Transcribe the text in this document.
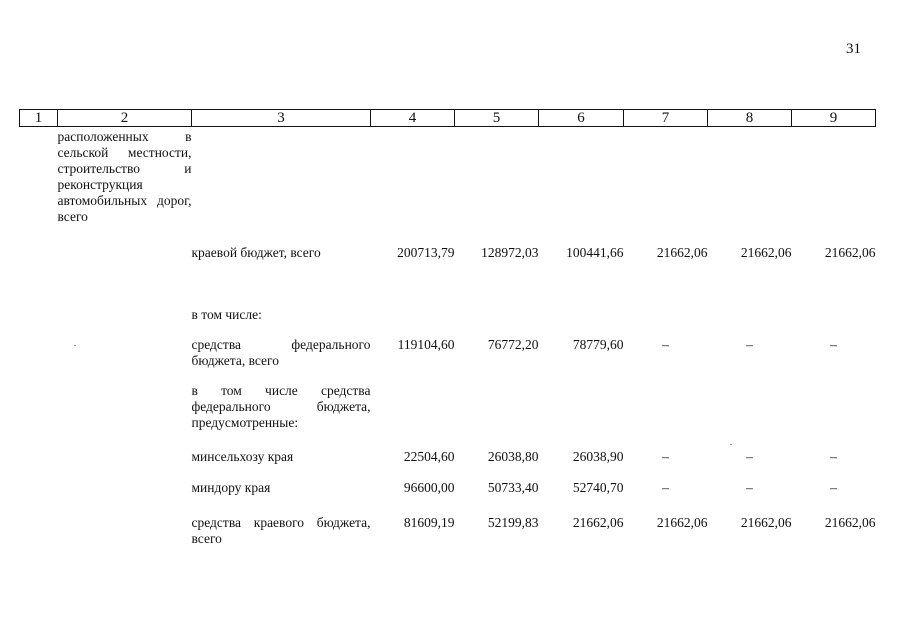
31
1	2	3	4	5	6	7	8	9
	расположенных в сельской местности, строительство и реконструкция автомобильных дорог, всего							
		краевой бюджет, всего	200713,79	128972,03	100441,66	21662,06	21662,06	21662,06
		в том числе:						
		средства федерального бюджета, всего	119104,60	76772,20	78779,60	–	–	–
		в том числе средства федерального бюджета, предусмотренные:						
		минсельхозу края	22504,60	26038,80	26038,90	–	–	–
		миндору края	96600,00	50733,40	52740,70	–	–	–
		средства краевого бюджета, всего	81609,19	52199,83	21662,06	21662,06	21662,06	21662,06
